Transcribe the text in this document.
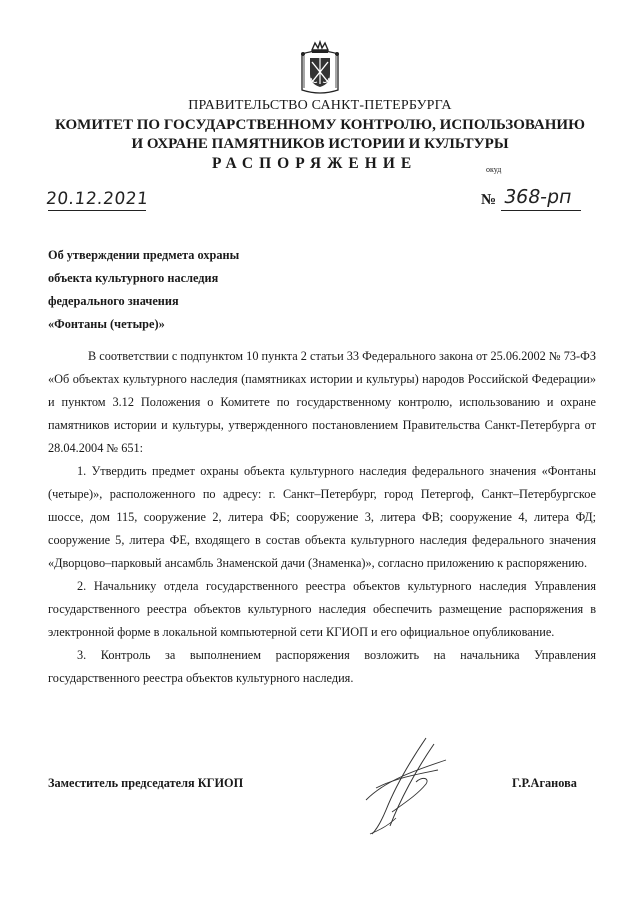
ПРАВИТЕЛЬСТВО САНКТ-ПЕТЕРБУРГА
КОМИТЕТ ПО ГОСУДАРСТВЕННОМУ КОНТРОЛЮ, ИСПОЛЬЗОВАНИЮ
И ОХРАНЕ ПАМЯТНИКОВ ИСТОРИИ И КУЛЬТУРЫ
РАСПОРЯЖЕНИЕ	окуд
20.12.2021	№ 368-рп
Об утверждении предмета охраны
объекта культурного наследия
федерального значения
«Фонтаны (четыре)»

В соответствии с подпунктом 10 пункта 2 статьи 33 Федерального закона от 25.06.2002 № 73-ФЗ «Об объектах культурного наследия (памятниках истории и культуры) народов Российской Федерации» и пунктом 3.12 Положения о Комитете по государственному контролю, использованию и охране памятников истории и культуры, утвержденного постановлением Правительства Санкт-Петербурга от 28.04.2004 № 651:

1. Утвердить предмет охраны объекта культурного наследия федерального значения «Фонтаны (четыре)», расположенного по адресу: г. Санкт–Петербург, город Петергоф, Санкт–Петербургское шоссе, дом 115, сооружение 2, литера ФБ; сооружение 3, литера ФВ; сооружение 4, литера ФД; сооружение 5, литера ФЕ, входящего в состав объекта культурного наследия федерального значения «Дворцово–парковый ансамбль Знаменской дачи (Знаменка)», согласно приложению к распоряжению.

2. Начальнику отдела государственного реестра объектов культурного наследия Управления государственного реестра объектов культурного наследия обеспечить размещение распоряжения в электронной форме в локальной компьютерной сети КГИОП и его официальное опубликование.

3. Контроль за выполнением распоряжения возложить на начальника Управления государственного реестра объектов культурного наследия.

Заместитель председателя КГИОП	Г.Р.Аганова
